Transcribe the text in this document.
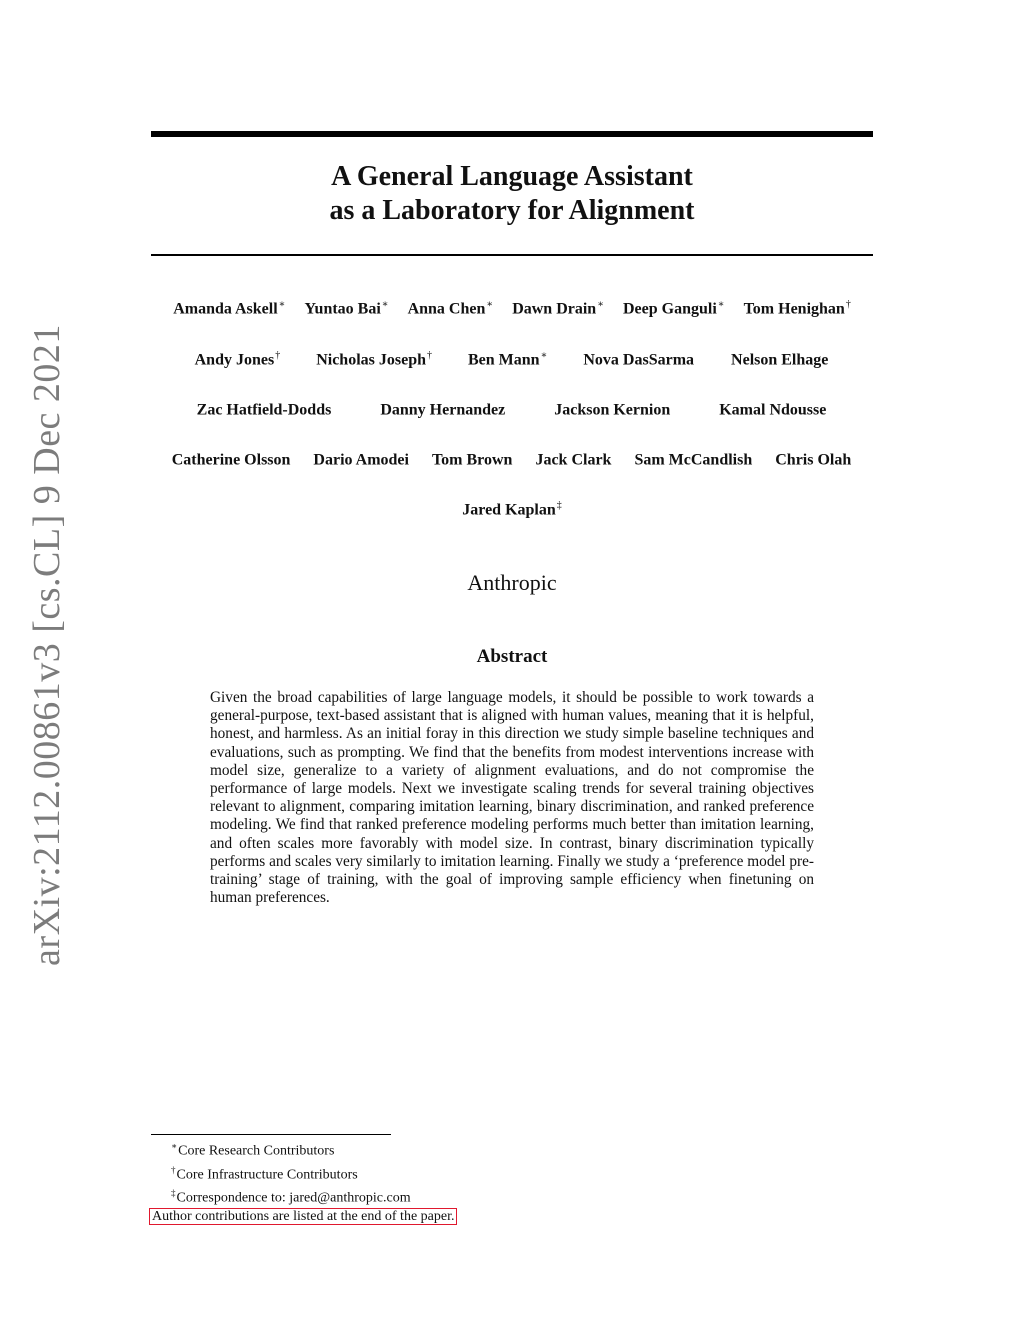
arXiv:2112.00861v3 [cs.CL] 9 Dec 2021
A General Language Assistant
as a Laboratory for Alignment
Amanda Askell∗ Yuntao Bai∗ Anna Chen∗ Dawn Drain∗ Deep Ganguli∗ Tom Henighan†
Andy Jones† Nicholas Joseph† Ben Mann∗ Nova DasSarma Nelson Elhage
Zac Hatfield-Dodds	Danny Hernandez	Jackson Kernion	Kamal Ndousse
Catherine Olsson Dario Amodei Tom Brown Jack Clark Sam McCandlish Chris Olah
Jared Kaplan‡
Anthropic
Abstract
Given the broad capabilities of large language models, it should be possible to work towards a general-purpose, text-based assistant that is aligned with human values, meaning that it is helpful, honest, and harmless. As an initial foray in this direction we study simple baseline techniques and evaluations, such as prompting. We find that the benefits from modest interventions increase with model size, generalize to a variety of alignment evaluations, and do not compromise the performance of large models. Next we investigate scaling trends for several training objectives relevant to alignment, comparing imitation learning, binary discrimination, and ranked preference modeling. We find that ranked preference modeling performs much better than imitation learning, and often scales more favorably with model size. In contrast, binary discrimination typically performs and scales very similarly to imitation learning. Finally we study a ‘preference model pre-training’ stage of training, with the goal of improving sample efficiency when finetuning on human preferences.
∗Core Research Contributors
†Core Infrastructure Contributors
‡Correspondence to: jared@anthropic.com
Author contributions are listed at the end of the paper.
